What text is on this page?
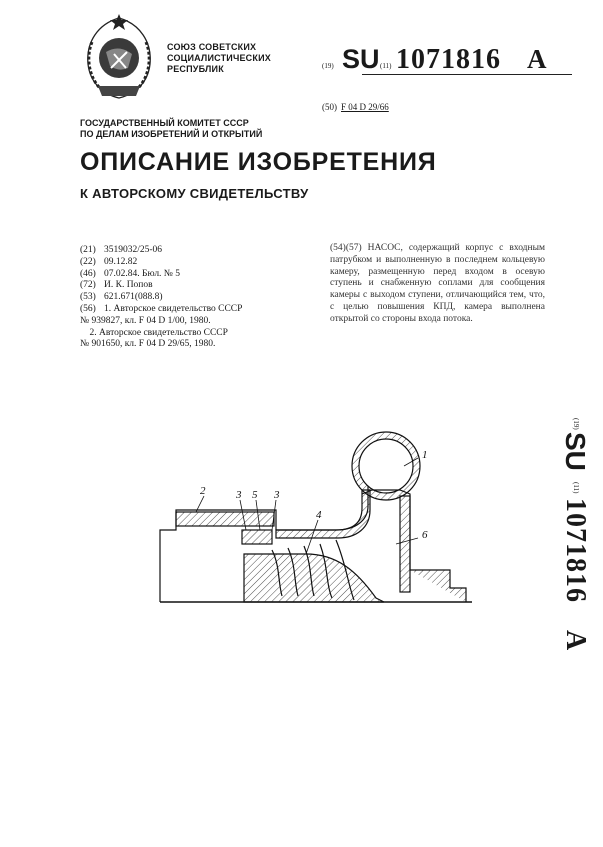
СОЮЗ СОВЕТСКИХ
СОЦИАЛИСТИЧЕСКИХ
РЕСПУБЛИК	(19) SU (11) 1071816 A
(50) F 04 D 29/66
ГОСУДАРСТВЕННЫЙ КОМИТЕТ СССР
ПО ДЕЛАМ ИЗОБРЕТЕНИЙ И ОТКРЫТИЙ
ОПИСАНИЕ ИЗОБРЕТЕНИЯ
К АВТОРСКОМУ СВИДЕТЕЛЬСТВУ
(21) 3519032/25-06
(22) 09.12.82
(46) 07.02.84. Бюл. № 5
(72) И. К. Попов
(53) 621.671(088.8)
(56) 1. Авторское свидетельство СССР
№ 939827, кл. F 04 D 1/00, 1980.
2. Авторское свидетельство СССР
№ 901650, кл. F 04 D 29/65, 1980.
(54)(57) НАСОС, содержащий корпус с входным патрубком и выполненную в последнем кольцевую камеру, размещенную перед входом в осевую ступень и снабженную соплами для сообщения камеры с выходом ступени, отличающийся тем, что, с целью повышения КПД, камера выполнена открытой со стороны входа потока.
1
2	3 5 3
4
6
(19)
SU
(11)
1071816
A
